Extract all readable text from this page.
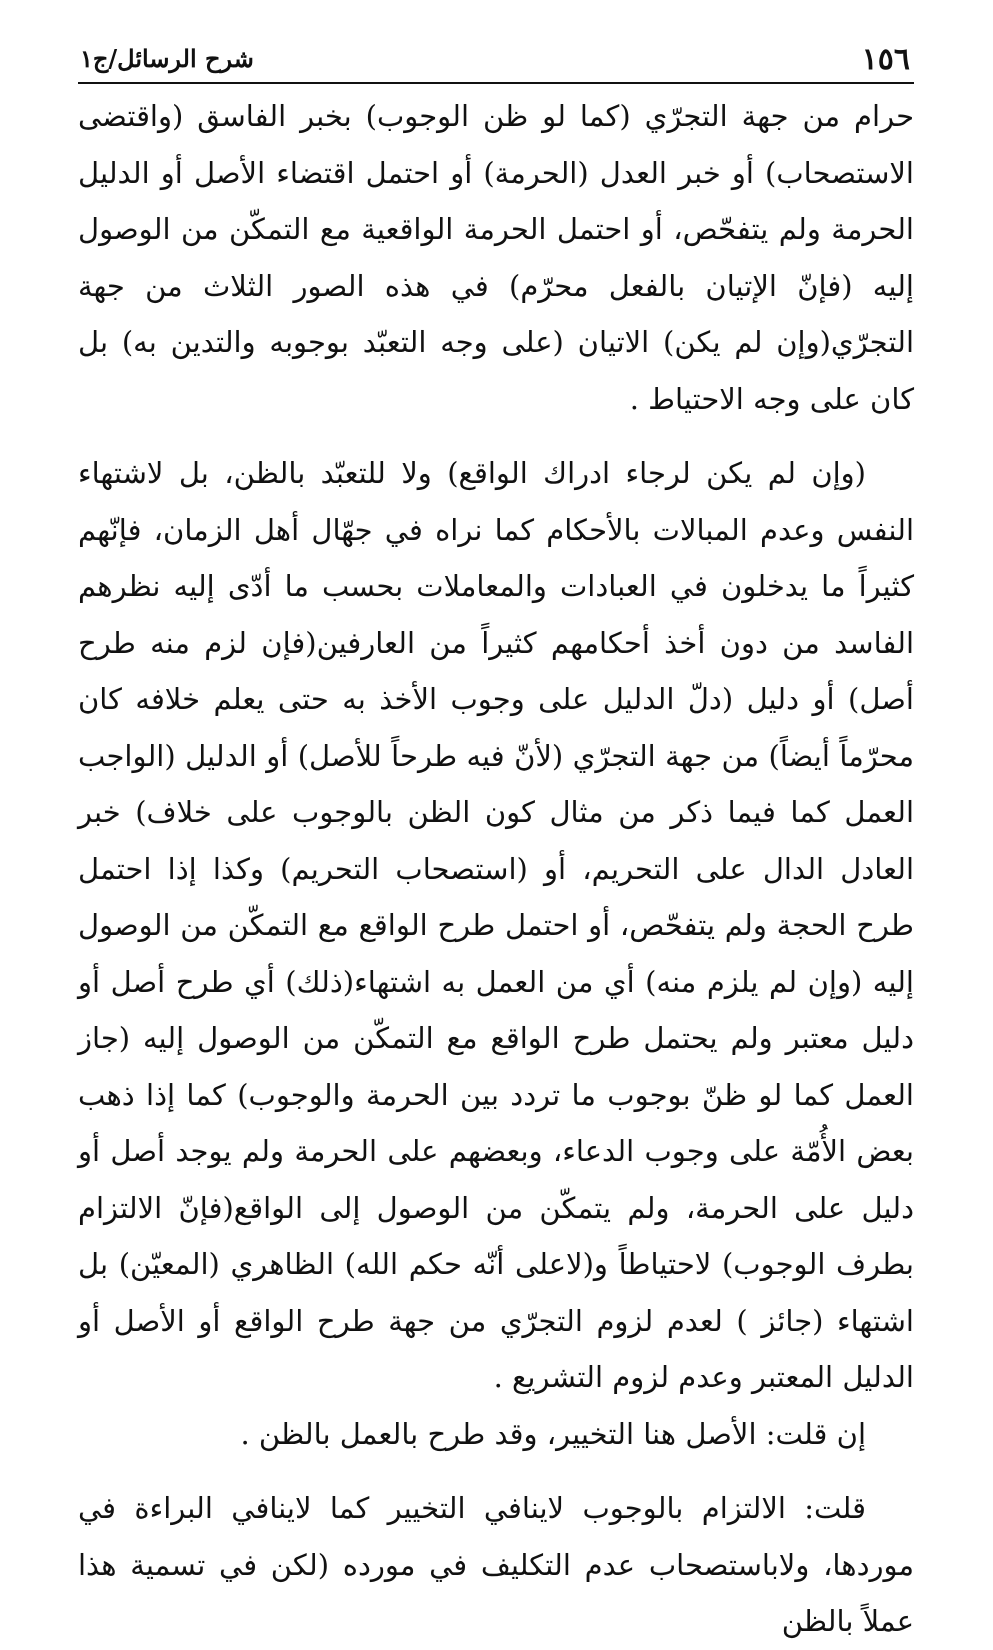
١٥٦
شرح الرسائل/ج١

حرام من جهة التجرّي (كما لو ظن الوجوب) بخبر الفاسق (واقتضى الاستصحاب) أو خبر العدل (الحرمة) أو احتمل اقتضاء الأصل أو الدليل الحرمة ولم يتفحّص، أو احتمل الحرمة الواقعية مع التمكّن من الوصول إليه (فإنّ الإتيان بالفعل محرّم) في هذه الصور الثلاث من جهة التجرّي(وإن لم يكن) الاتيان (على وجه التعبّد بوجوبه والتدين به) بل كان على وجه الاحتياط .

(وإن لم يكن لرجاء ادراك الواقع) ولا للتعبّد بالظن، بل لاشتهاء النفس وعدم المبالات بالأحكام كما نراه في جهّال أهل الزمان، فإنّهم كثيراً ما يدخلون في العبادات والمعاملات بحسب ما أدّى إليه نظرهم الفاسد من دون أخذ أحكامهم كثيراً من العارفين(فإن لزم منه طرح أصل) أو دليل (دلّ الدليل على وجوب الأخذ به حتى يعلم خلافه كان محرّماً أيضاً) من جهة التجرّي (لأنّ فيه طرحاً للأصل) أو الدليل (الواجب العمل كما فيما ذكر من مثال كون الظن بالوجوب على خلاف) خبر العادل الدال على التحريم، أو (استصحاب التحريم) وكذا إذا احتمل طرح الحجة ولم يتفحّص، أو احتمل طرح الواقع مع التمكّن من الوصول إليه (وإن لم يلزم منه) أي من العمل به اشتهاء(ذلك) أي طرح أصل أو دليل معتبر ولم يحتمل طرح الواقع مع التمكّن من الوصول إليه (جاز العمل كما لو ظنّ بوجوب ما تردد بين الحرمة والوجوب) كما إذا ذهب بعض الأُمّة على وجوب الدعاء، وبعضهم على الحرمة ولم يوجد أصل أو دليل على الحرمة، ولم يتمكّن من الوصول إلى الواقع(فإنّ الالتزام بطرف الوجوب) لاحتياطاً و(لاعلى أنّه حكم الله) الظاهري (المعيّن) بل اشتهاء (جائز ) لعدم لزوم التجرّي من جهة طرح الواقع أو الأصل أو الدليل المعتبر وعدم لزوم التشريع .

إن قلت: الأصل هنا التخيير، وقد طرح بالعمل بالظن .

قلت: الالتزام بالوجوب لاينافي التخيير كما لاينافي البراءة في موردها، ولاباستصحاب عدم التكليف في مورده (لكن في تسمية هذا عملاً بالظن
